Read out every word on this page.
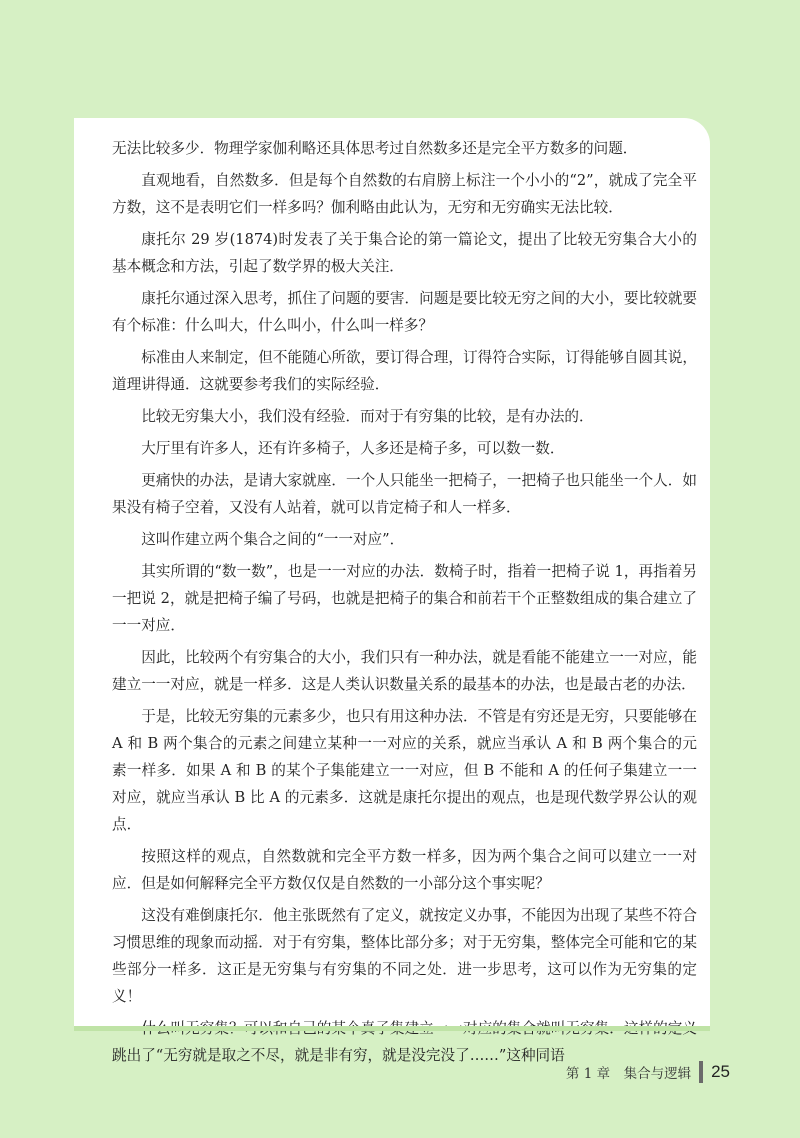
无法比较多少．物理学家伽利略还具体思考过自然数多还是完全平方数多的问题．

直观地看，自然数多．但是每个自然数的右肩膀上标注一个小小的“2”，就成了完全平方数，这不是表明它们一样多吗？伽利略由此认为，无穷和无穷确实无法比较．

康托尔 29 岁(1874)时发表了关于集合论的第一篇论文，提出了比较无穷集合大小的基本概念和方法，引起了数学界的极大关注．

康托尔通过深入思考，抓住了问题的要害．问题是要比较无穷之间的大小，要比较就要有个标准：什么叫大，什么叫小，什么叫一样多？

标准由人来制定，但不能随心所欲，要订得合理，订得符合实际，订得能够自圆其说，道理讲得通．这就要参考我们的实际经验．

比较无穷集大小，我们没有经验．而对于有穷集的比较，是有办法的．

大厅里有许多人，还有许多椅子，人多还是椅子多，可以数一数．

更痛快的办法，是请大家就座．一个人只能坐一把椅子，一把椅子也只能坐一个人．如果没有椅子空着，又没有人站着，就可以肯定椅子和人一样多．

这叫作建立两个集合之间的“一一对应”．

其实所谓的“数一数”，也是一一对应的办法．数椅子时，指着一把椅子说 1，再指着另一把说 2，就是把椅子编了号码，也就是把椅子的集合和前若干个正整数组成的集合建立了一一对应．

因此，比较两个有穷集合的大小，我们只有一种办法，就是看能不能建立一一对应，能建立一一对应，就是一样多．这是人类认识数量关系的最基本的办法，也是最古老的办法．

于是，比较无穷集的元素多少，也只有用这种办法．不管是有穷还是无穷，只要能够在 A 和 B 两个集合的元素之间建立某种一一对应的关系，就应当承认 A 和 B 两个集合的元素一样多．如果 A 和 B 的某个子集能建立一一对应，但 B 不能和 A 的任何子集建立一一对应，就应当承认 B 比 A 的元素多．这就是康托尔提出的观点，也是现代数学界公认的观点．

按照这样的观点，自然数就和完全平方数一样多，因为两个集合之间可以建立一一对应．但是如何解释完全平方数仅仅是自然数的一小部分这个事实呢？

这没有难倒康托尔．他主张既然有了定义，就按定义办事，不能因为出现了某些不符合习惯思维的现象而动摇．对于有穷集，整体比部分多；对于无穷集，整体完全可能和它的某些部分一样多．这正是无穷集与有穷集的不同之处．进一步思考，这可以作为无穷集的定义！

跳出了“无穷就是取之不尽，就是非有穷，就是没完没了……”这种同语

第 1 章　集合与逻辑 25
